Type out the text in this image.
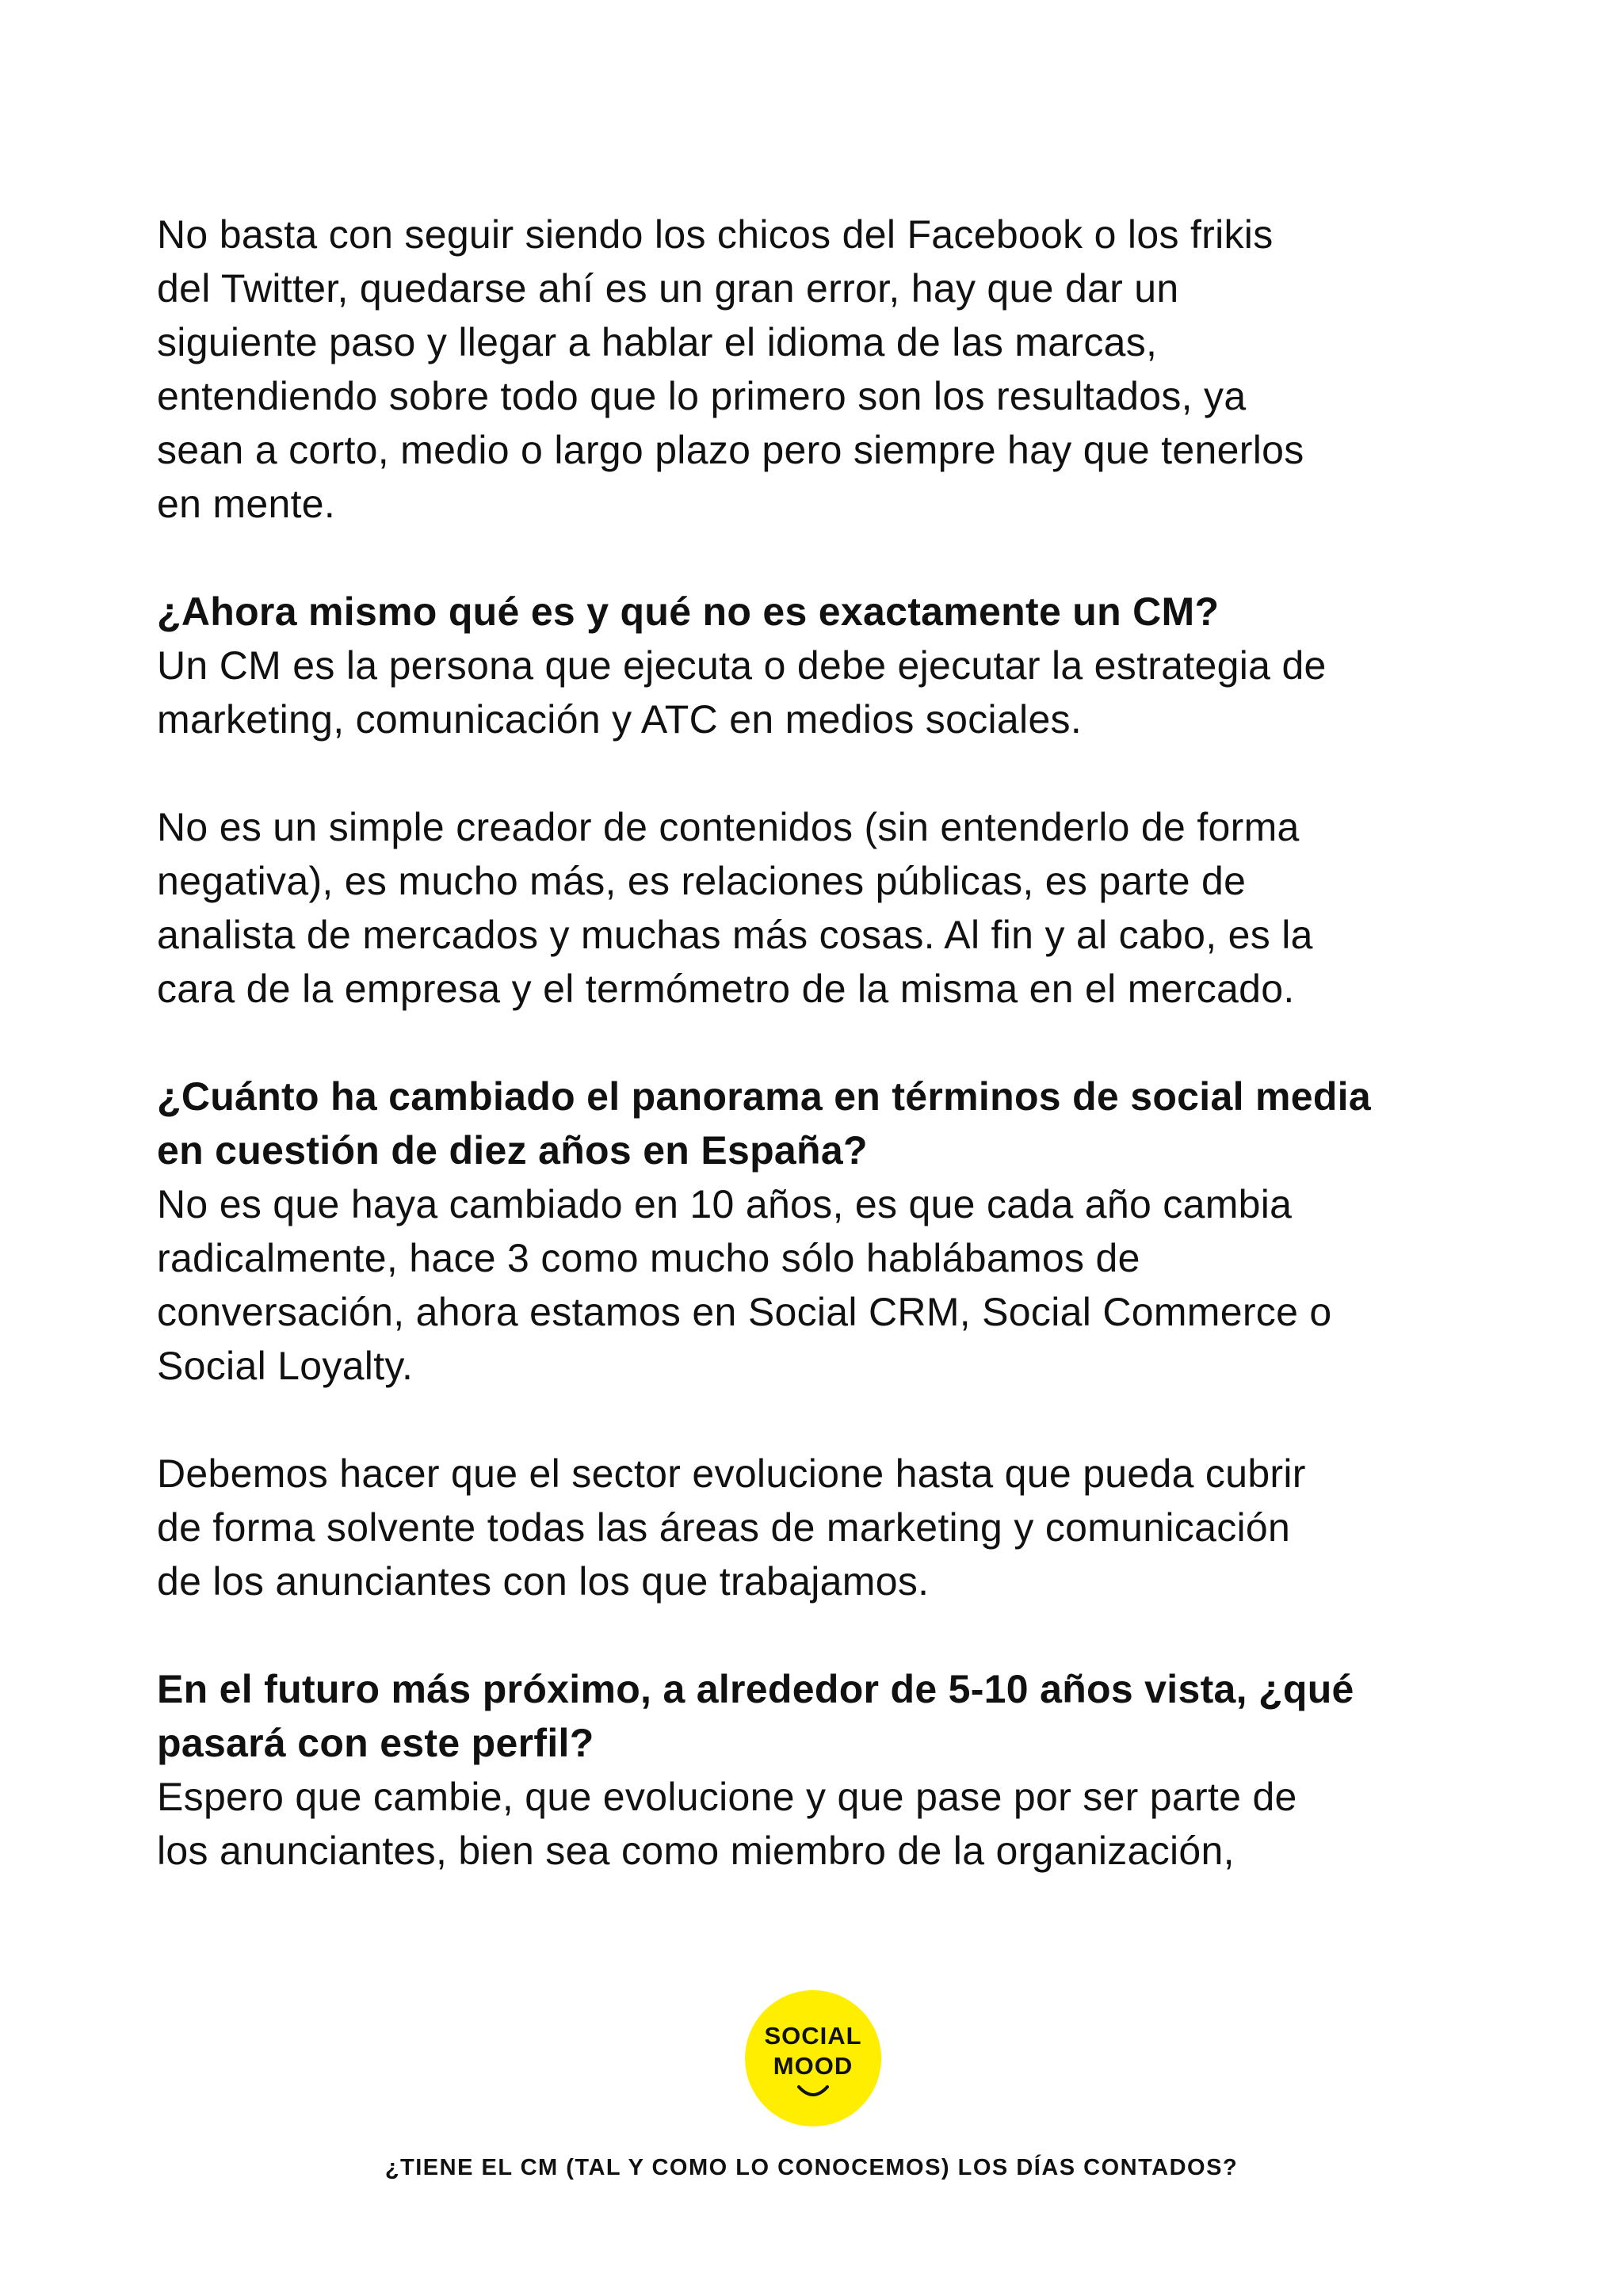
No basta con seguir siendo los chicos del Facebook o los frikis
del Twitter, quedarse ahí es un gran error, hay que dar un
siguiente paso y llegar a hablar el idioma de las marcas,
entendiendo sobre todo que lo primero son los resultados, ya
sean a corto, medio o largo plazo pero siempre hay que tenerlos
en mente.
¿Ahora mismo qué es y qué no es exactamente un CM?
Un CM es la persona que ejecuta o debe ejecutar la estrategia de
marketing, comunicación y ATC en medios sociales.
No es un simple creador de contenidos (sin entenderlo de forma
negativa), es mucho más, es relaciones públicas, es parte de
analista de mercados y muchas más cosas. Al fin y al cabo, es la
cara de la empresa y el termómetro de la misma en el mercado.
¿Cuánto ha cambiado el panorama en términos de social media
en cuestión de diez años en España?
No es que haya cambiado en 10 años, es que cada año cambia
radicalmente, hace 3 como mucho sólo hablábamos de
conversación, ahora estamos en Social CRM, Social Commerce o
Social Loyalty.
Debemos hacer que el sector evolucione hasta que pueda cubrir
de forma solvente todas las áreas de marketing y comunicación
de los anunciantes con los que trabajamos.
En el futuro más próximo, a alrededor de 5-10 años vista, ¿qué
pasará con este perfil?
Espero que cambie, que evolucione y que pase por ser parte de
los anunciantes, bien sea como miembro de la organización,
SOCIAL
MOOD
¿TIENE EL CM (TAL Y COMO LO CONOCEMOS) LOS DÍAS CONTADOS?
